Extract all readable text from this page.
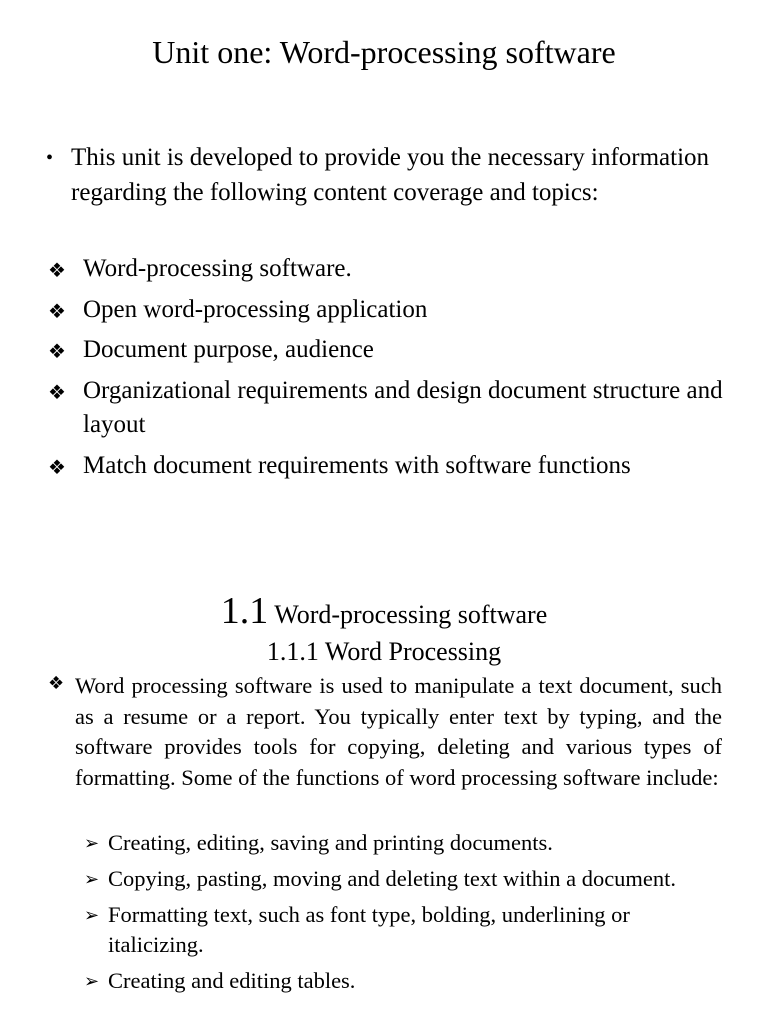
Unit one: Word-processing software
• This unit is developed to provide you the necessary information regarding the following content coverage and topics:
❖ Word-processing software.
❖ Open word-processing application
❖ Document purpose, audience
❖ Organizational requirements and design document structure and layout
❖ Match document requirements with software functions
1.1 Word-processing software
1.1.1 Word Processing
❖ Word processing software is used to manipulate a text document, such as a resume or a report. You typically enter text by typing, and the software provides tools for copying, deleting and various types of formatting. Some of the functions of word processing software include:
➢ Creating, editing, saving and printing documents.
➢ Copying, pasting, moving and deleting text within a document.
➢ Formatting text, such as font type, bolding, underlining or italicizing.
➢ Creating and editing tables.
